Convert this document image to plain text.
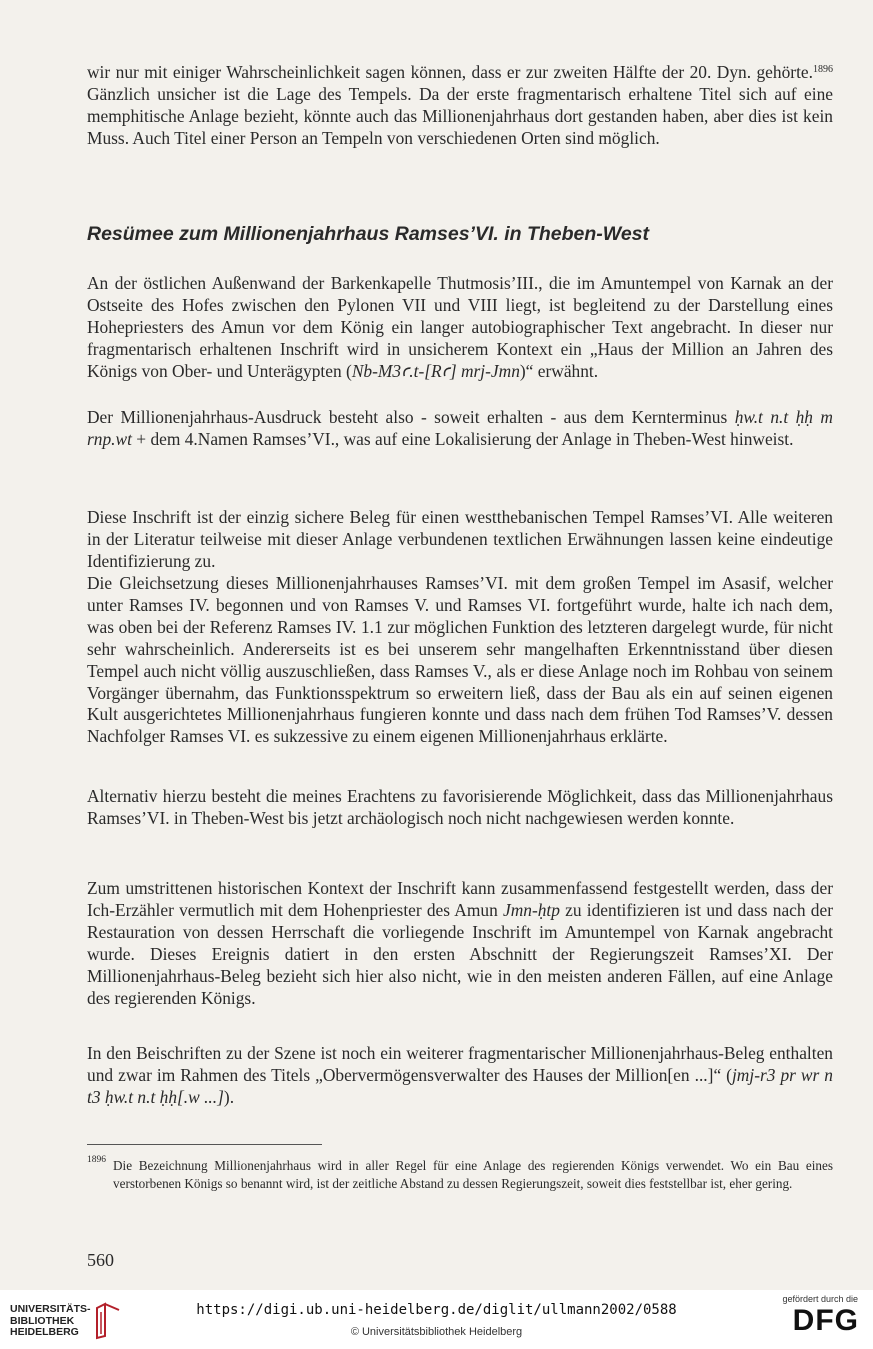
wir nur mit einiger Wahrscheinlichkeit sagen können, dass er zur zweiten Hälfte der 20. Dyn. gehörte.$^{1896}$ Gänzlich unsicher ist die Lage des Tempels. Da der erste fragmentarisch erhaltene Titel sich auf eine memphitische Anlage bezieht, könnte auch das Millionenjahrhaus dort gestanden haben, aber dies ist kein Muss. Auch Titel einer Person an Tempeln von verschiedenen Orten sind möglich.

Resümee zum Millionenjahrhaus Ramses’VI. in Theben-West

An der östlichen Außenwand der Barkenkapelle Thutmosis’III., die im Amuntempel von Karnak an der Ostseite des Hofes zwischen den Pylonen VII und VIII liegt, ist begleitend zu der Darstellung eines Hohepriesters des Amun vor dem König ein langer autobiographischer Text angebracht. In dieser nur fragmentarisch erhaltenen Inschrift wird in unsicherem Kontext ein „Haus der Million an Jahren des Königs von Ober- und Unterägypten (Nb-M3ꜥ.t-[Rꜥ] mrj-Jmn)“ erwähnt.

Der Millionenjahrhaus-Ausdruck besteht also - soweit erhalten - aus dem Kernterminus ḥw.t n.t ḥḥ m rnp.wt + dem 4.Namen Ramses’VI., was auf eine Lokalisierung der Anlage in Theben-West hinweist.

Diese Inschrift ist der einzig sichere Beleg für einen westthebanischen Tempel Ramses’VI. Alle weiteren in der Literatur teilweise mit dieser Anlage verbundenen textlichen Erwähnungen lassen keine eindeutige Identifizierung zu.

Die Gleichsetzung dieses Millionenjahrhauses Ramses’VI. mit dem großen Tempel im Asasif, welcher unter Ramses IV. begonnen und von Ramses V. und Ramses VI. fortgeführt wurde, halte ich nach dem, was oben bei der Referenz Ramses IV. 1.1 zur möglichen Funktion des letzteren dargelegt wurde, für nicht sehr wahrscheinlich. Andererseits ist es bei unserem sehr mangelhaften Erkenntnisstand über diesen Tempel auch nicht völlig auszuschließen, dass Ramses V., als er diese Anlage noch im Rohbau von seinem Vorgänger übernahm, das Funktionsspektrum so erweitern ließ, dass der Bau als ein auf seinen eigenen Kult ausgerichtetes Millionenjahrhaus fungieren konnte und dass nach dem frühen Tod Ramses’V. dessen Nachfolger Ramses VI. es sukzessive zu einem eigenen Millionenjahrhaus erklärte.

Alternativ hierzu besteht die meines Erachtens zu favorisierende Möglichkeit, dass das Millionenjahrhaus Ramses’VI. in Theben-West bis jetzt archäologisch noch nicht nachgewiesen werden konnte.

Zum umstrittenen historischen Kontext der Inschrift kann zusammenfassend festgestellt werden, dass der Ich-Erzähler vermutlich mit dem Hohenpriester des Amun Jmn-ḥtp zu identifizieren ist und dass nach der Restauration von dessen Herrschaft die vorliegende Inschrift im Amuntempel von Karnak angebracht wurde. Dieses Ereignis datiert in den ersten Abschnitt der Regierungszeit Ramses’XI. Der Millionenjahrhaus-Beleg bezieht sich hier also nicht, wie in den meisten anderen Fällen, auf eine Anlage des regierenden Königs.

In den Beischriften zu der Szene ist noch ein weiterer fragmentarischer Millionenjahrhaus-Beleg enthalten und zwar im Rahmen des Titels „Obervermögensverwalter des Hauses der Million[en ...]“ (jmj-r3 pr wr n t3 ḥw.t n.t ḥḥ[.w ...]).

1896 Die Bezeichnung Millionenjahrhaus wird in aller Regel für eine Anlage des regierenden Königs verwendet. Wo ein Bau eines verstorbenen Königs so benannt wird, ist der zeitliche Abstand zu dessen Regierungszeit, soweit dies feststellbar ist, eher gering.

560
UNIVERSITÄTS-
BIBLIOTHEK
HEIDELBERG
https://digi.ub.uni-heidelberg.de/diglit/ullmann2002/0588
© Universitätsbibliothek Heidelberg
gefördert durch die
DFG
